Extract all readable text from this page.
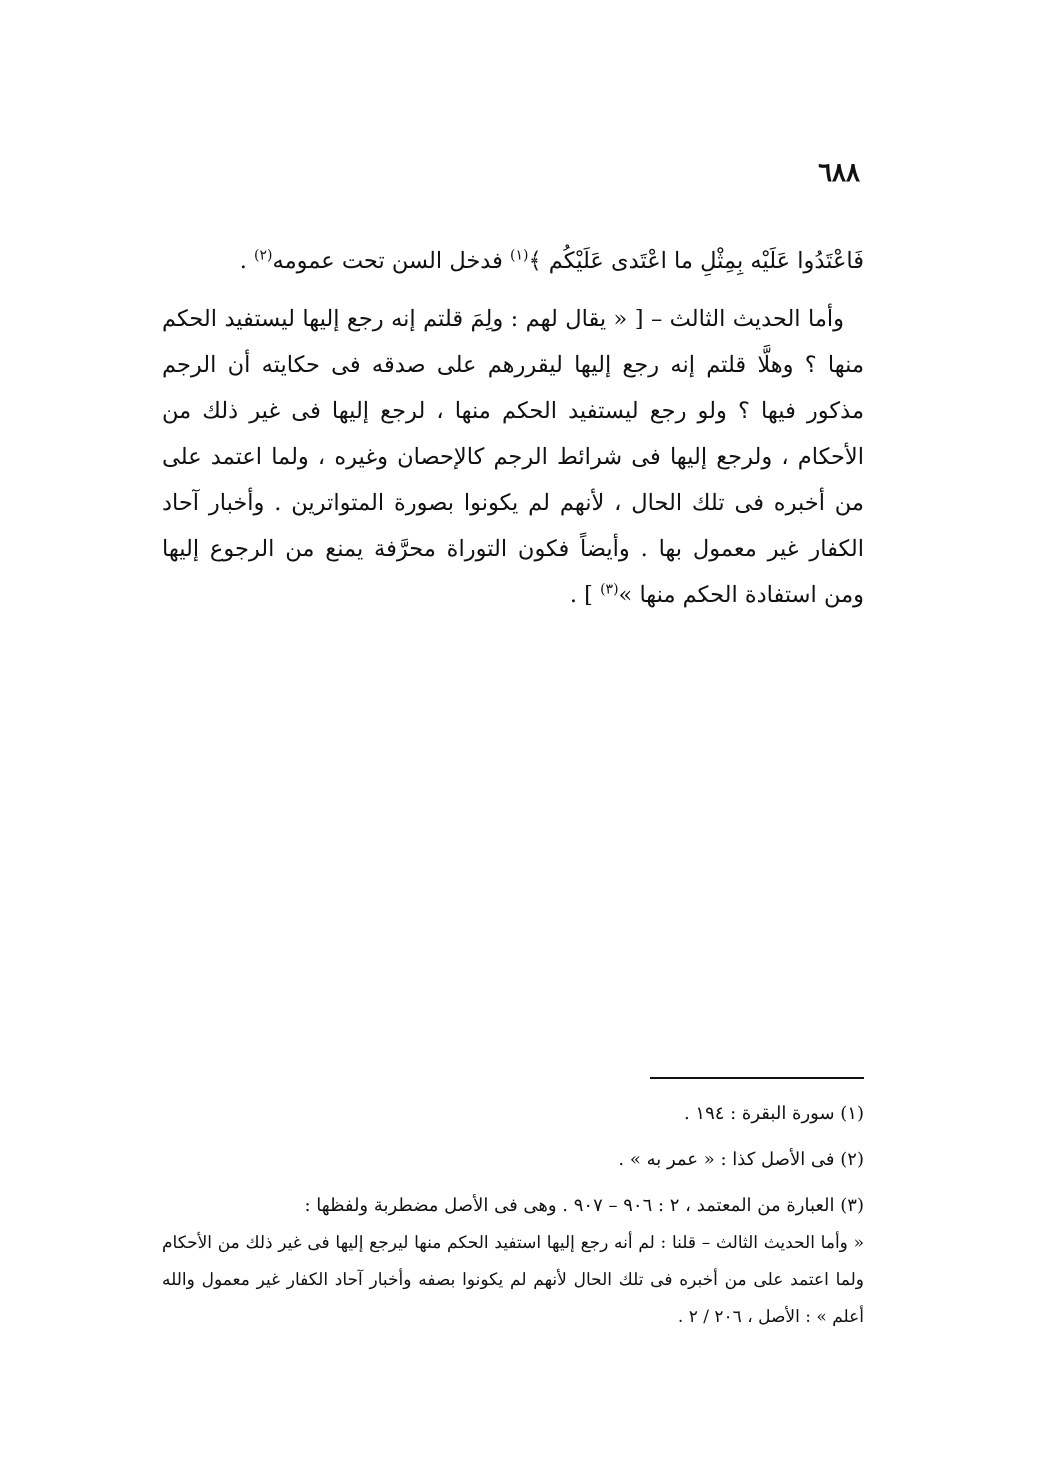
٦٨٨

فَاعْتَدُوا عَلَيْه بِمِثْلِ ما اعْتَدى عَلَيْكُم ﴾$^{(١)}$ فدخل السن تحت عمومه$^{(٢)}$ .

وأما الحديث الثالث – [ « يقال لهم : ولِمَ قلتم إنه رجع إليها ليستفيد الحكم منها ؟ وهلَّا قلتم إنه رجع إليها ليقررهم على صدقه فى حكايته أن الرجم مذكور فيها ؟ ولو رجع ليستفيد الحكم منها ، لرجع إليها فى غير ذلك من الأحكام ، ولرجع إليها فى شرائط الرجم كالإحصان وغيره ، ولما اعتمد على من أخبره فى تلك الحال ، لأنهم لم يكونوا بصورة المتواترين . وأخبار آحاد الكفار غير معمول بها . وأيضاً فكون التوراة محرَّفة يمنع من الرجوع إليها ومن استفادة الحكم منها »$^{(٣)}$ ] .

(١) سورة البقرة : ١٩٤ .

(٢) فى الأصل كذا : « عمر به » .

(٣) العبارة من المعتمد ، ٢ : ٩٠٦ – ٩٠٧ . وهى فى الأصل مضطربة ولفظها :
« وأما الحديث الثالث – قلنا : لم أنه رجع إليها استفيد الحكم منها ليرجع إليها فى غير ذلك من الأحكام ولما اعتمد على من أخبره فى تلك الحال لأنهم لم يكونوا بصفه وأخبار آحاد الكفار غير معمول والله أعلم » : الأصل ، ٢٠٦ / ٢ .
